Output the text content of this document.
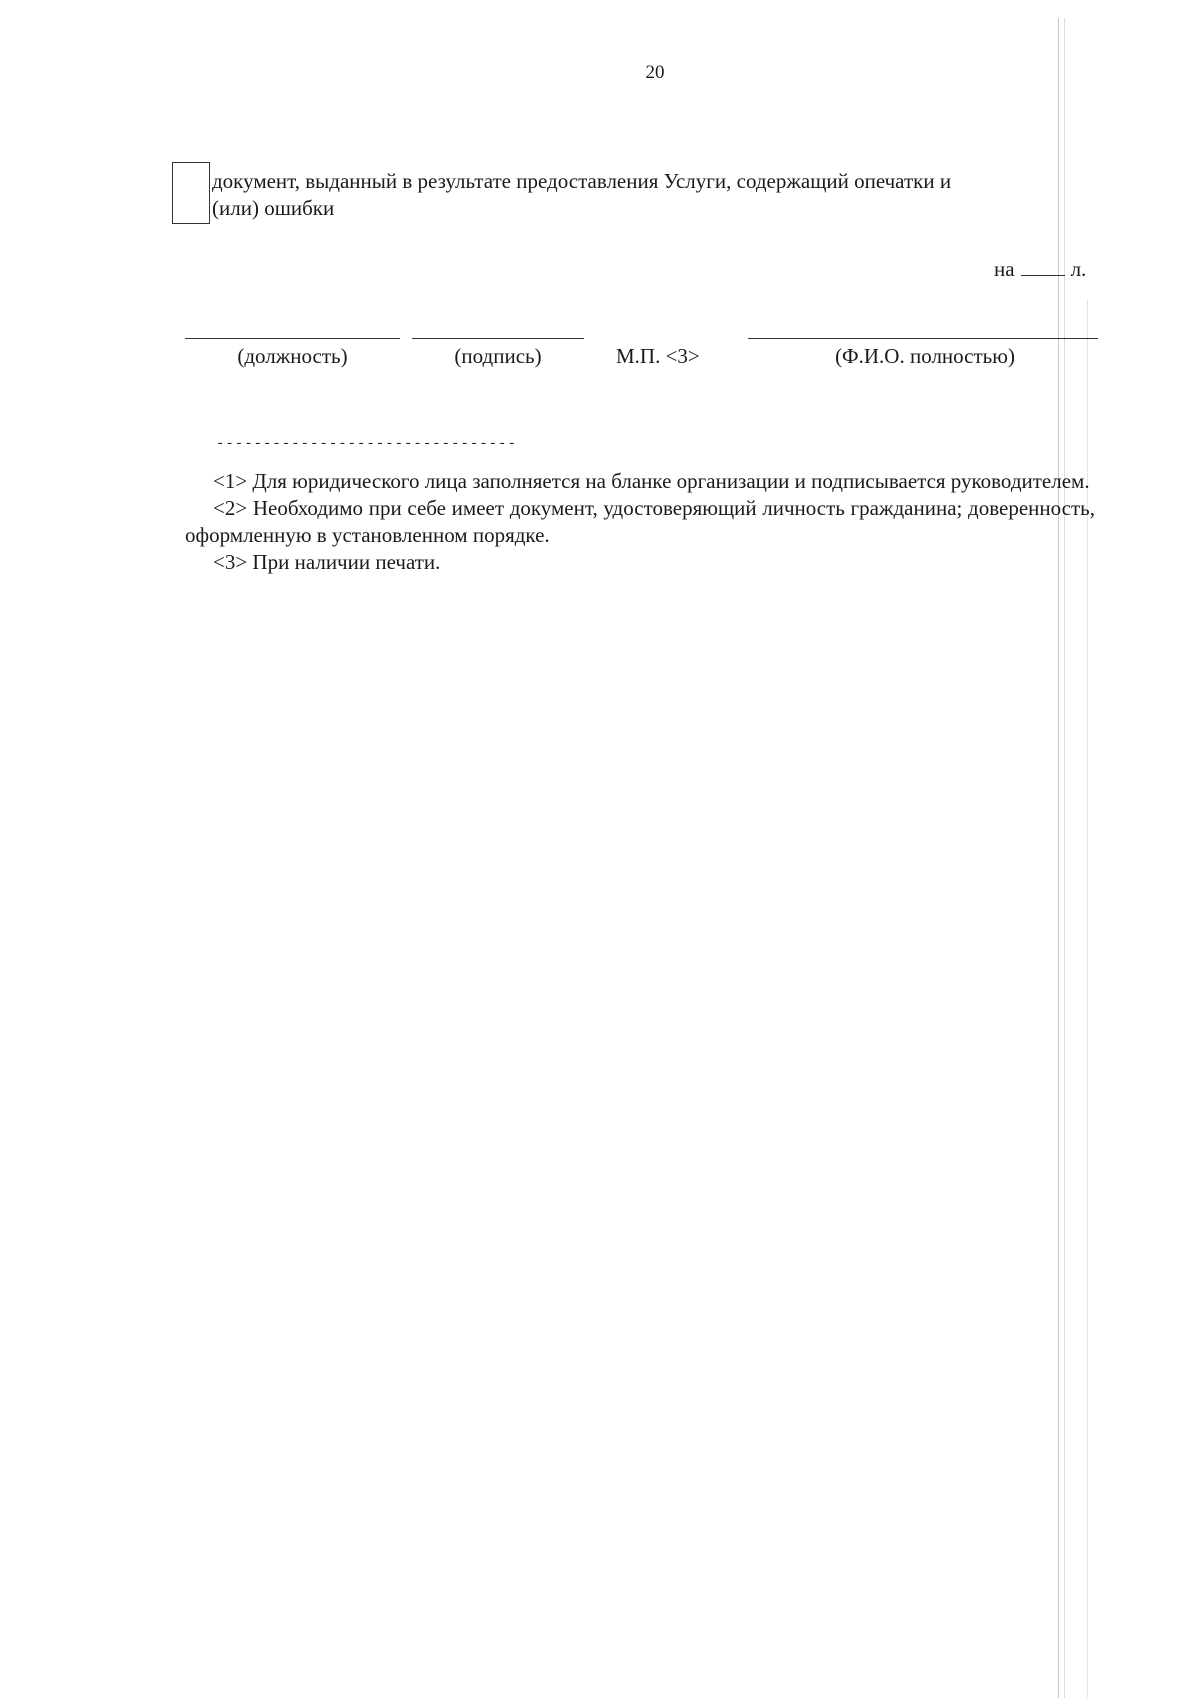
20
документ, выданный в результате предоставления Услуги, содержащий опечатки и
(или) ошибки
на	л.
(должность)	(подпись)	М.П. <3>	(Ф.И.О. полностью)
--------------------------------

<1> Для юридического лица заполняется на бланке организации и подписывается руководителем.

<2> Необходимо при себе имеет документ, удостоверяющий личность гражданина; доверенность, оформленную в установленном порядке.

<3> При наличии печати.
